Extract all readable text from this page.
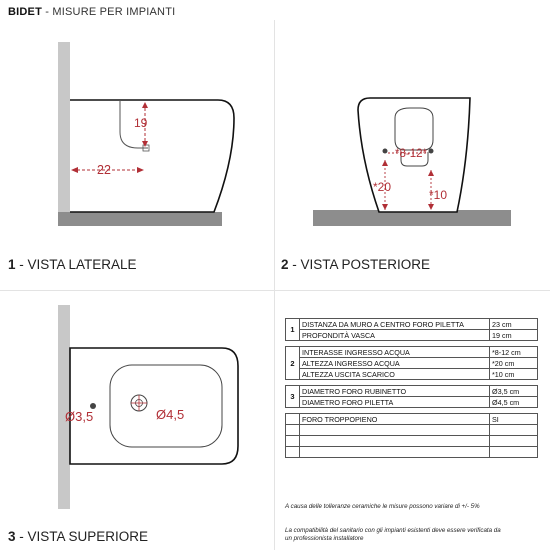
BIDET - MISURE PER IMPIANTI
19
22
1 - VISTA LATERALE
*8-12*
*20
*10
2 - VISTA POSTERIORE
Ø3,5	Ø4,5
3 - VISTA SUPERIORE
1	DISTANZA DA MURO A CENTRO FORO PILETTA	23 cm
	PROFONDITÀ VASCA	19 cm

2	INTERASSE INGRESSO ACQUA	*8-12 cm
	ALTEZZA INGRESSO ACQUA	*20 cm
	ALTEZZA USCITA SCARICO	*10 cm

3	DIAMETRO FORO RUBINETTO	Ø3,5 cm
	DIAMETRO FORO PILETTA	Ø4,5 cm

	FORO TROPPOPIENO	SI

A causa delle tolleranze ceramiche le misure possono variare di +/- 5%
La compatibilità del sanitario con gli impianti esistenti deve essere verificata da
un professionista installatore
